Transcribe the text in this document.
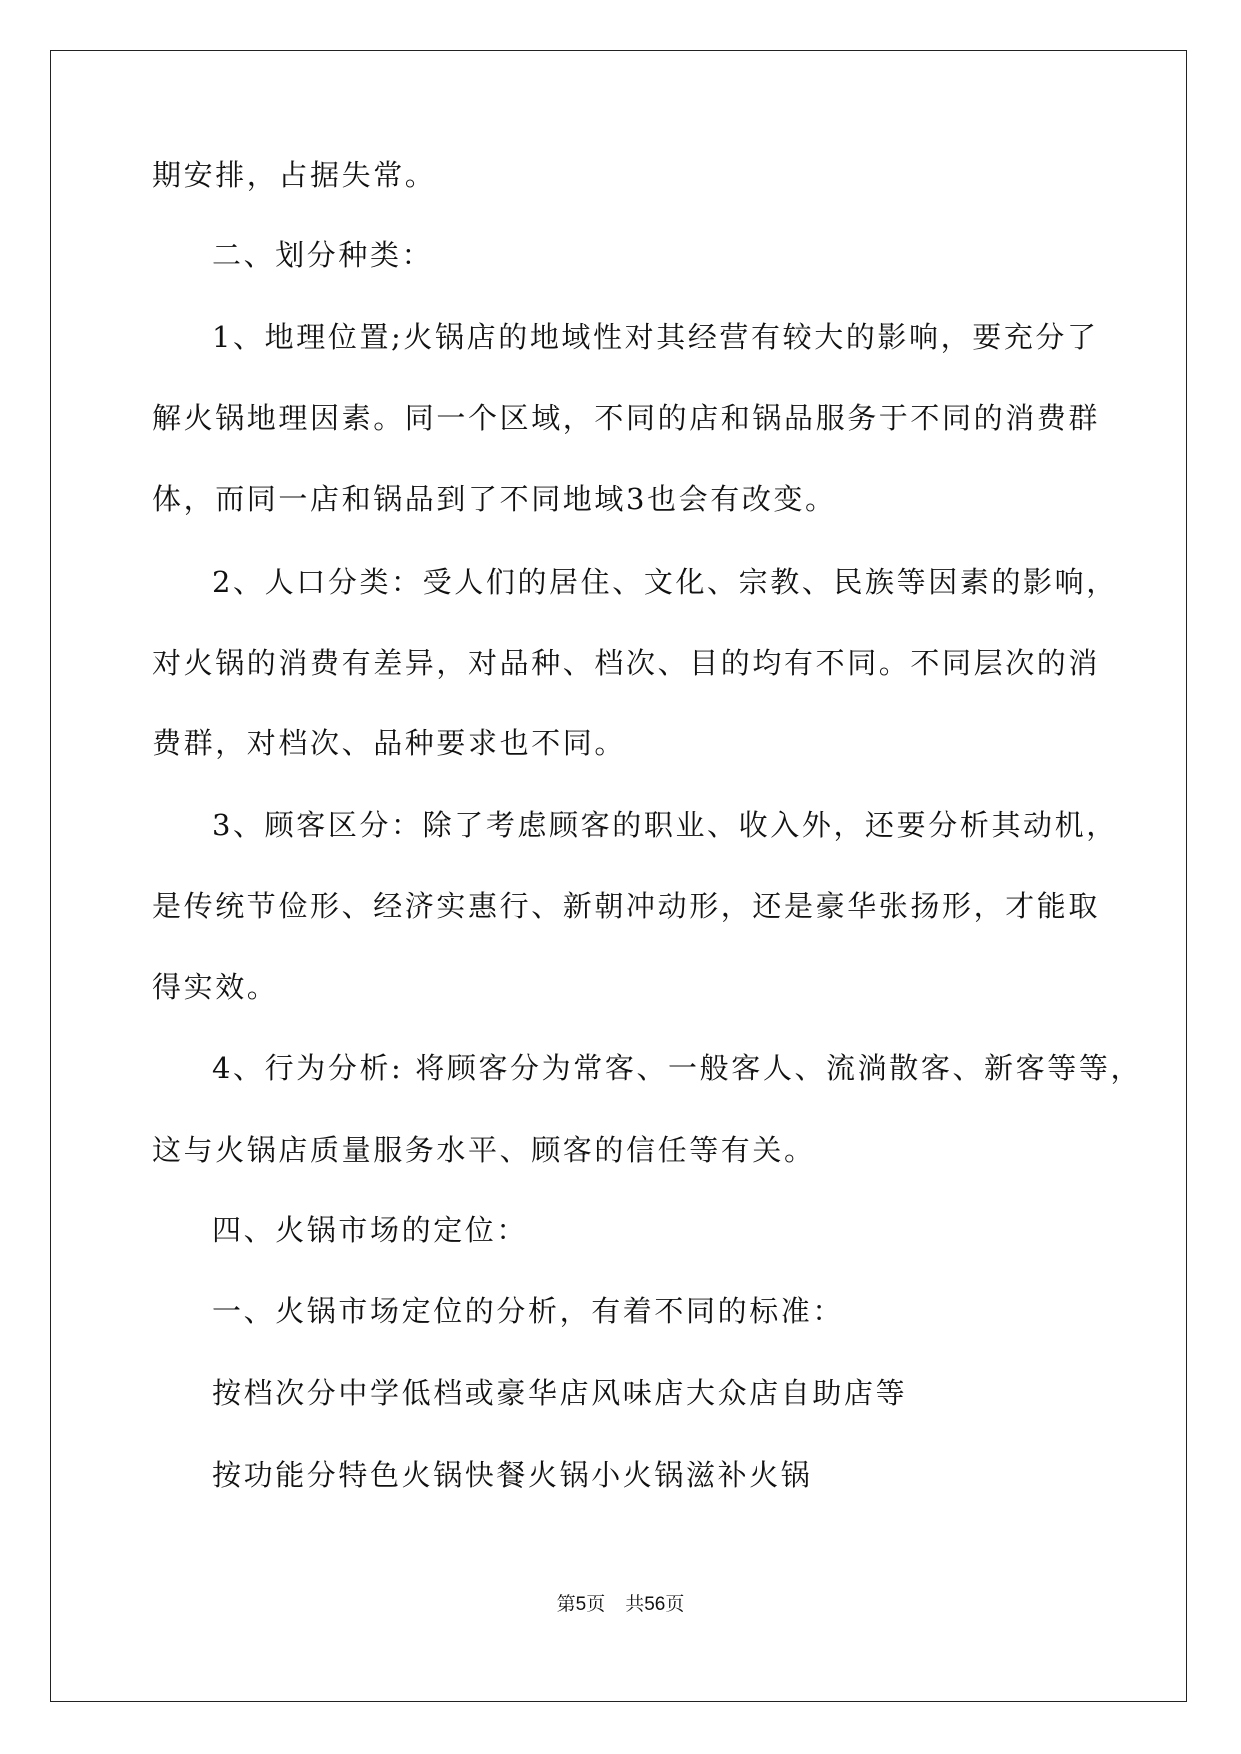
期安排，占据失常。
二、划分种类：
1、地理位置;火锅店的地域性对其经营有较大的影响，要充分了
解火锅地理因素。同一个区域，不同的店和锅品服务于不同的消费群
体，而同一店和锅品到了不同地域3也会有改变。
2、人口分类：受人们的居住、文化、宗教、民族等因素的影响，
对火锅的消费有差异，对品种、档次、目的均有不同。不同层次的消
费群，对档次、品种要求也不同。
3、顾客区分：除了考虑顾客的职业、收入外，还要分析其动机，
是传统节俭形、经济实惠行、新朝冲动形，还是豪华张扬形，才能取
得实效。
4、行为分析: 将顾客分为常客、一般客人、流淌散客、新客等等，
这与火锅店质量服务水平、顾客的信任等有关。
四、火锅市场的定位：
一、火锅市场定位的分析，有着不同的标准：
按档次分中学低档或豪华店风味店大众店自助店等
按功能分特色火锅快餐火锅小火锅滋补火锅
第5页 共56页
